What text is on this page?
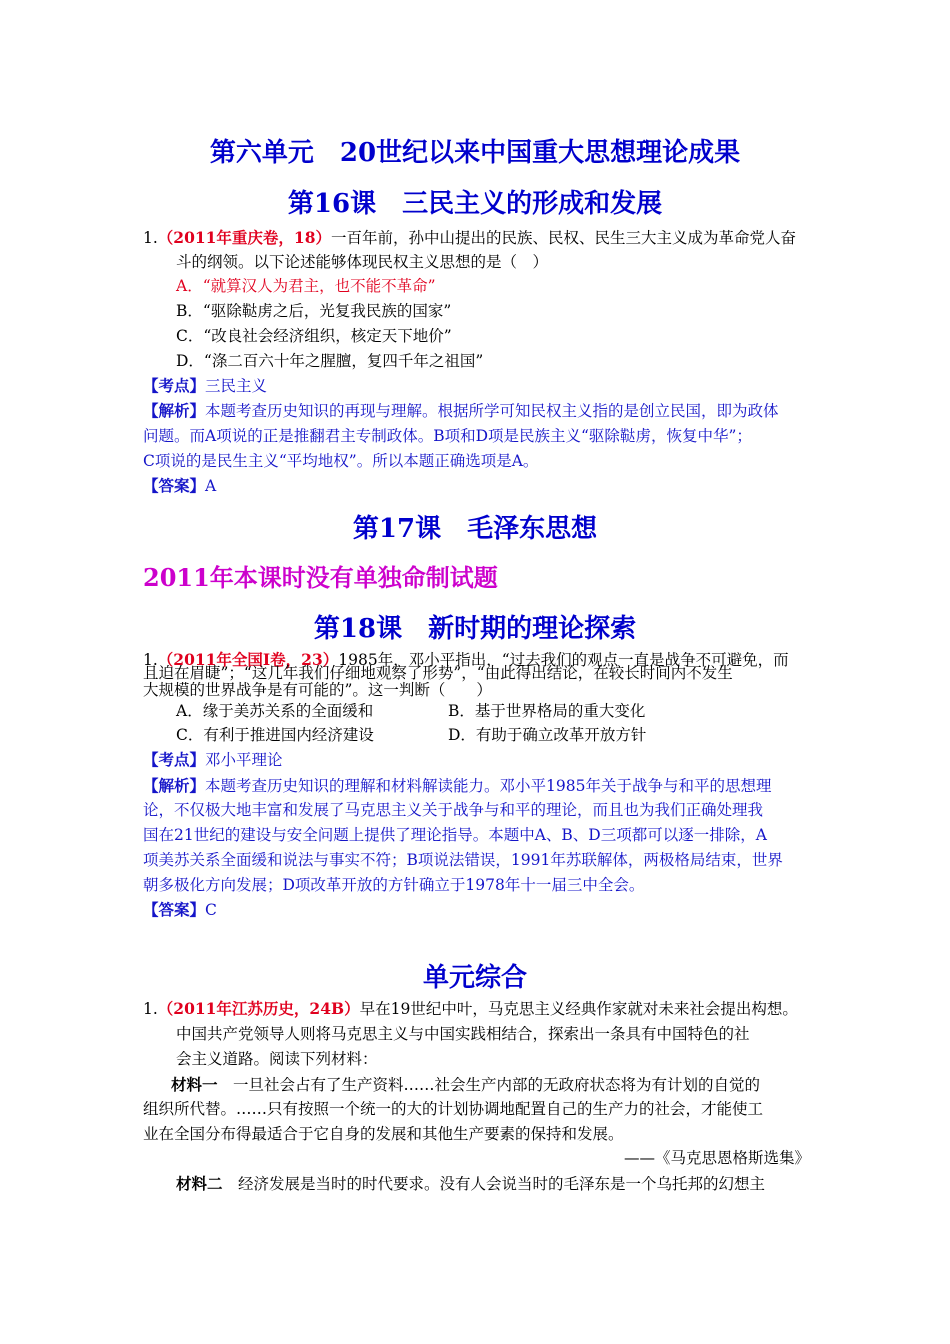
第六单元　20世纪以来中国重大思想理论成果
第16课　三民主义的形成和发展
1.（2011年重庆卷，18）一百年前，孙中山提出的民族、民权、民生三大主义成为革命党人奋
斗的纲领。以下论述能够体现民权主义思想的是（　）
A．“就算汉人为君主，也不能不革命”
B．“驱除鞑虏之后，光复我民族的国家”
C．“改良社会经济组织，核定天下地价”
D．“涤二百六十年之腥膻，复四千年之祖国”
【考点】三民主义
【解析】本题考查历史知识的再现与理解。根据所学可知民权主义指的是创立民国，即为政体
问题。而A项说的正是推翻君主专制政体。B项和D项是民族主义“驱除鞑虏，恢复中华”；
C项说的是民生主义“平均地权”。所以本题正确选项是A。
【答案】A
第17课　毛泽东思想
2011年本课时没有单独命制试题
第18课　新时期的理论探索
1.（2011年全国Ⅰ卷，23）1985年，邓小平指出，“过去我们的观点一直是战争不可避免，而
且迫在眉睫”；“这几年我们仔细地观察了形势”，“由此得出结论，在较长时间内不发生
大规模的世界战争是有可能的”。这一判断（　　）
A．缘于美苏关系的全面缓和	B．基于世界格局的重大变化
C．有利于推进国内经济建设	D．有助于确立改革开放方针
【考点】邓小平理论
【解析】本题考查历史知识的理解和材料解读能力。邓小平1985年关于战争与和平的思想理
论，不仅极大地丰富和发展了马克思主义关于战争与和平的理论，而且也为我们正确处理我
国在21世纪的建设与安全问题上提供了理论指导。本题中A、B、D三项都可以逐一排除，A
项美苏关系全面缓和说法与事实不符；B项说法错误，1991年苏联解体，两极格局结束，世界
朝多极化方向发展；D项改革开放的方针确立于1978年十一届三中全会。
【答案】C
单元综合
1.（2011年江苏历史，24B）早在19世纪中叶，马克思主义经典作家就对未来社会提出构想。
中国共产党领导人则将马克思主义与中国实践相结合，探索出一条具有中国特色的社
会主义道路。阅读下列材料：
材料一　 一旦社会占有了生产资料……社会生产内部的无政府状态将为有计划的自觉的
组织所代替。……只有按照一个统一的大的计划协调地配置自己的生产力的社会，才能使工
业在全国分布得最适合于它自身的发展和其他生产要素的保持和发展。
——《马克思恩格斯选集》
材料二　 经济发展是当时的时代要求。没有人会说当时的毛泽东是一个乌托邦的幻想主
